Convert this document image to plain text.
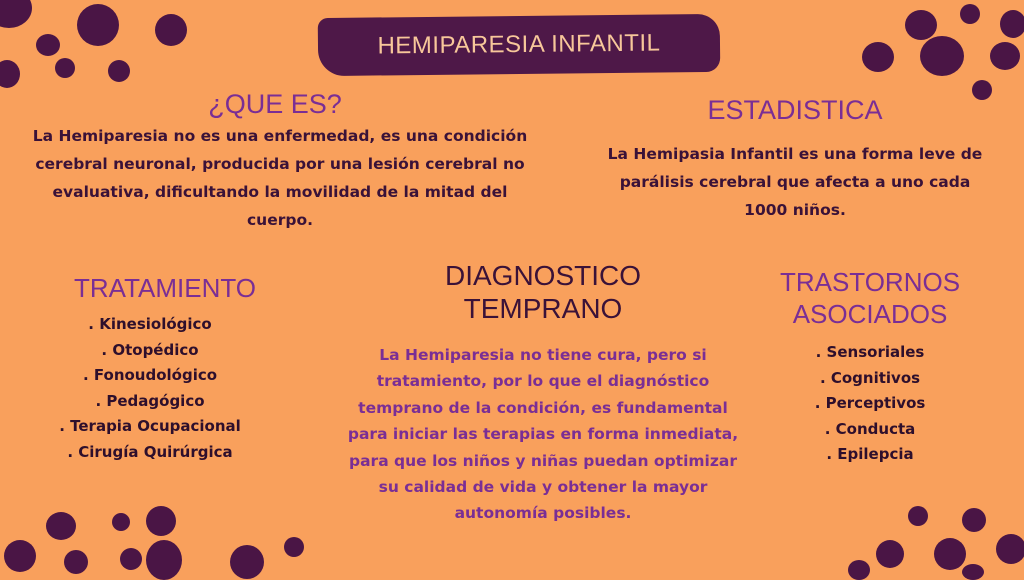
HEMIPARESIA INFANTIL
¿QUE ES?

La Hemiparesia no es una enfermedad, es una condición cerebral neuronal, producida por una lesión cerebral no evaluativa, dificultando la movilidad de la mitad del cuerpo.

ESTADISTICA

La Hemipasia Infantil es una forma leve de parálisis cerebral que afecta a uno cada 1000 niños.

TRATAMIENTO
. Kinesiológico
. Otopédico
. Fonoudológico
. Pedagógico
. Terapia Ocupacional
. Cirugía Quirúrgica
DIAGNOSTICO
TEMPRANO

La Hemiparesia no tiene cura, pero si tratamiento, por lo que el diagnóstico temprano de la condición, es fundamental para iniciar las terapias en forma inmediata, para que los niños y niñas puedan optimizar su calidad de vida y obtener la mayor autonomía posibles.

TRASTORNOS
ASOCIADOS
. Sensoriales
. Cognitivos
. Perceptivos
. Conducta
. Epilepcia
